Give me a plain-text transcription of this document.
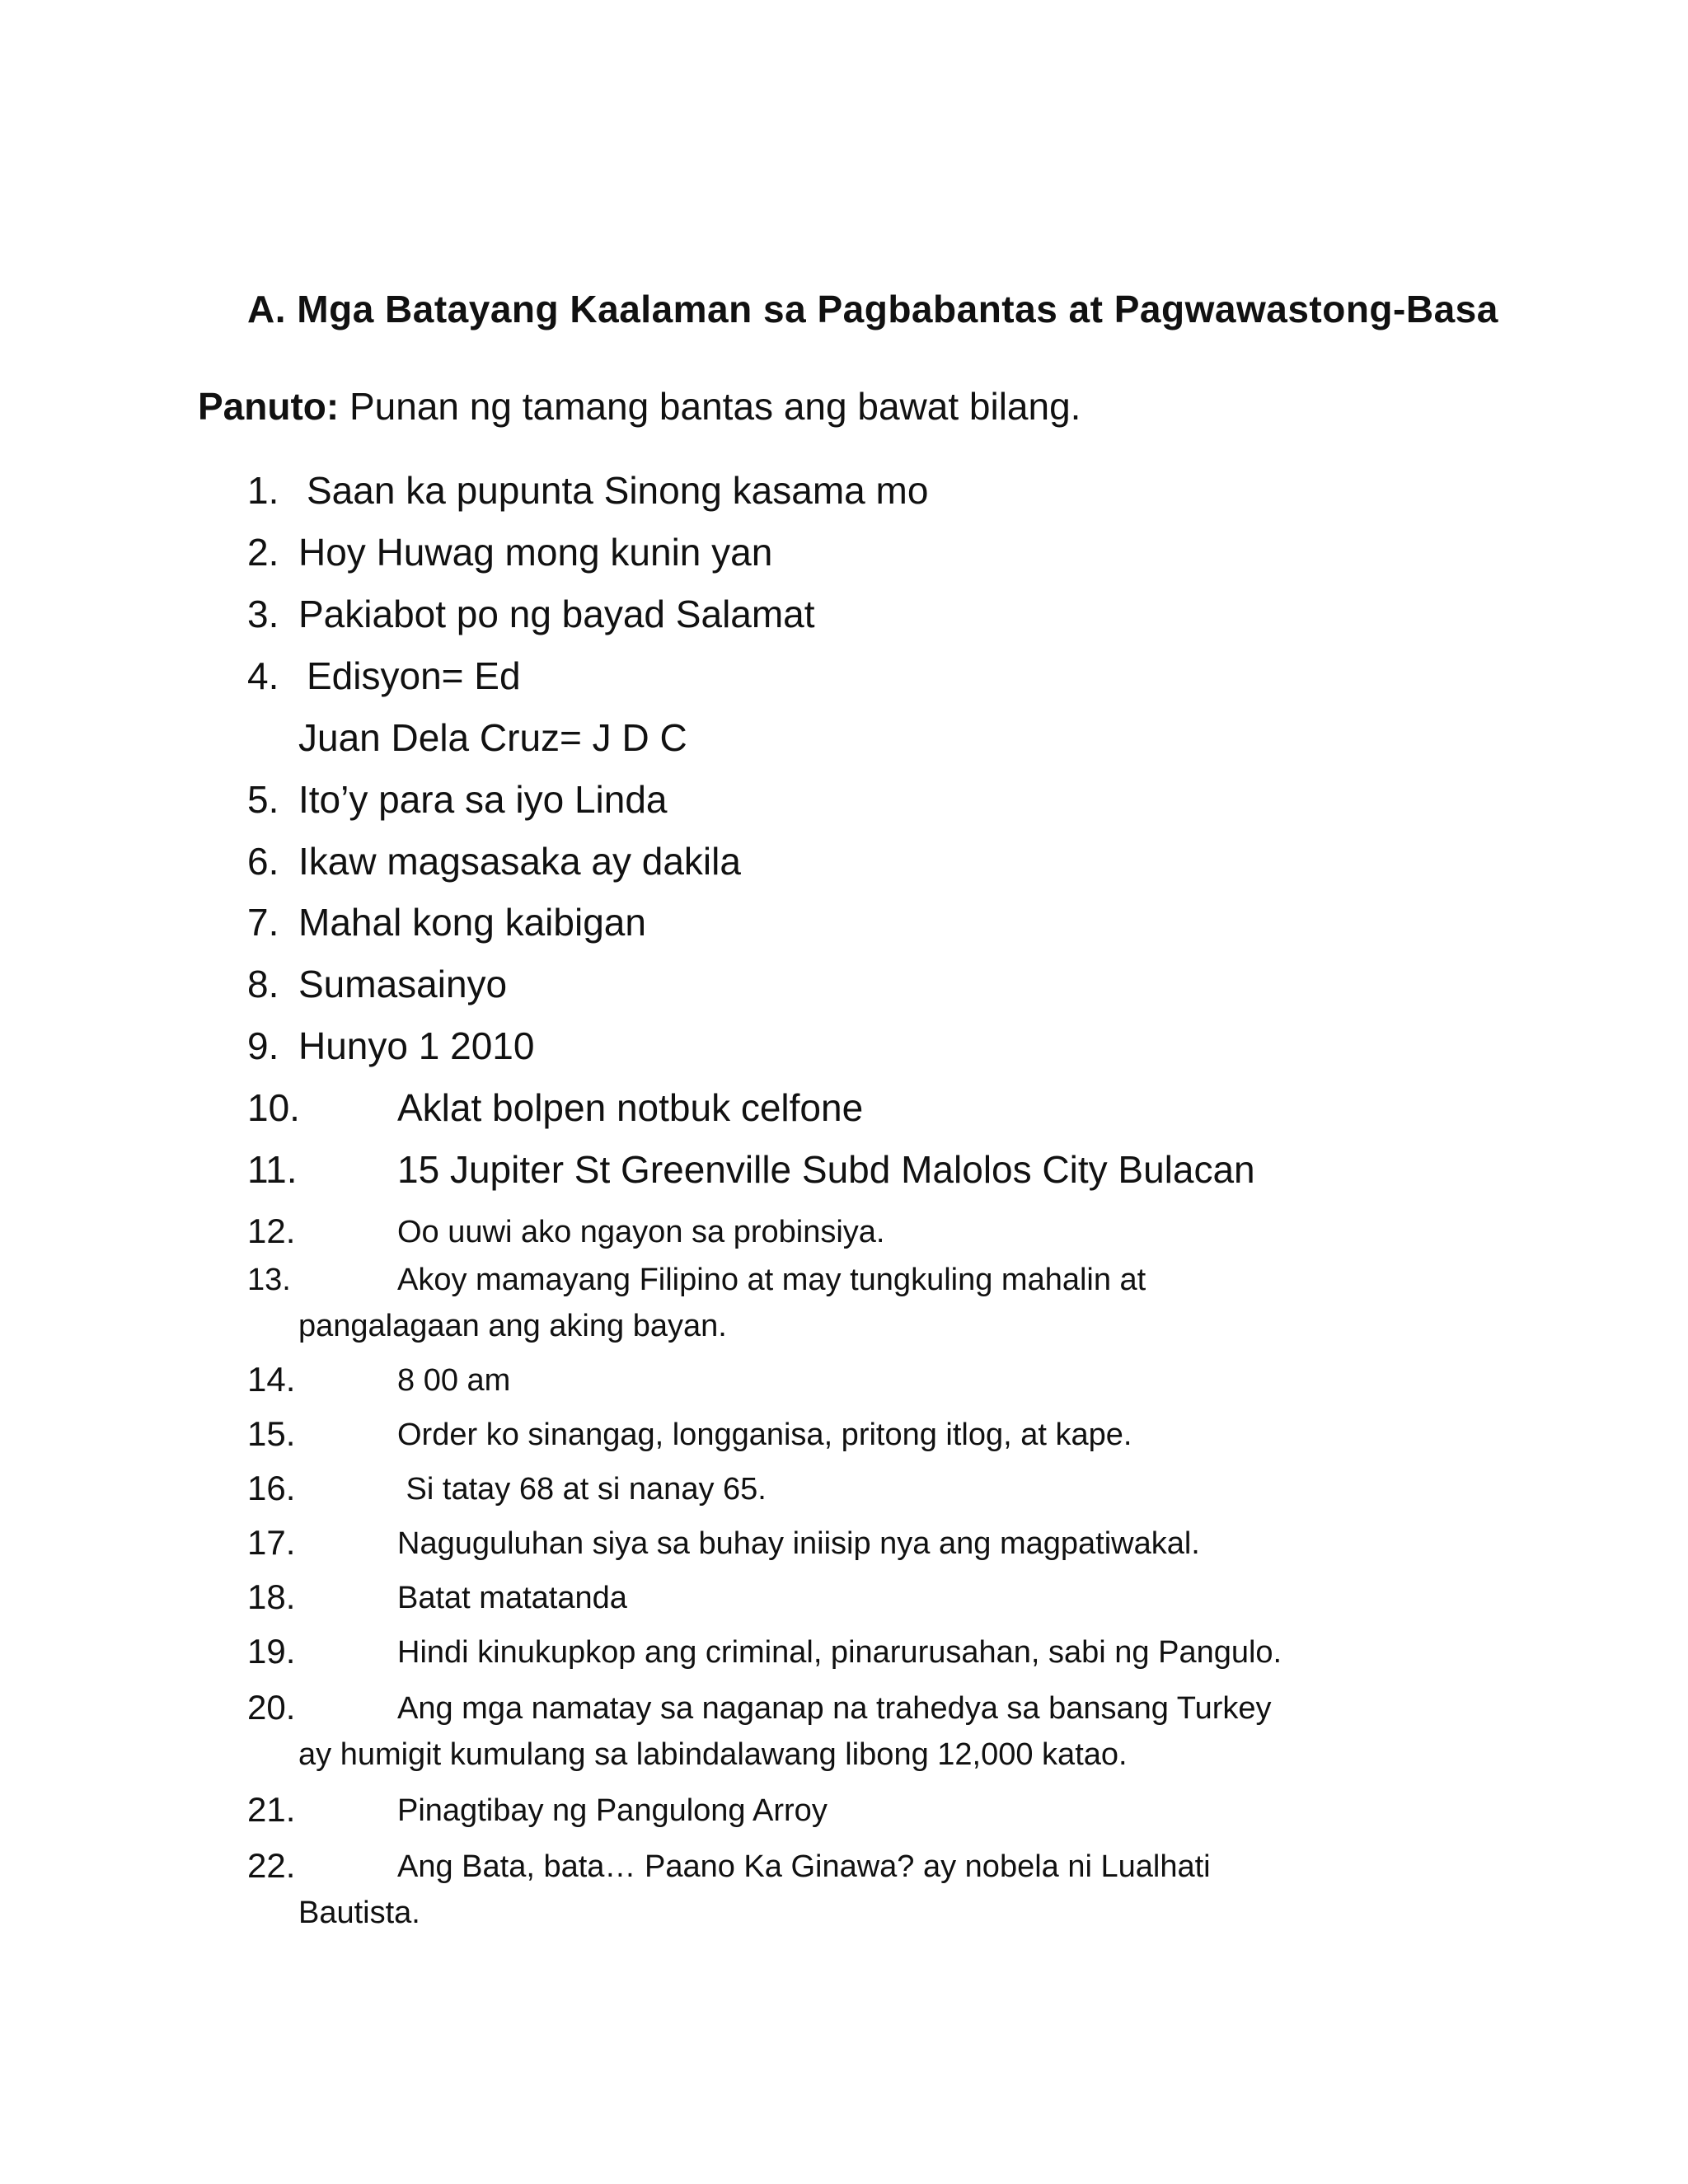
A. Mga Batayang Kaalaman sa Pagbabantas at Pagwawastong-Basa
Panuto: Punan ng tamang bantas ang bawat bilang.
1. Saan ka pupunta Sinong kasama mo
2. Hoy Huwag mong kunin yan
3. Pakiabot po ng bayad Salamat
4. Edisyon= Ed
Juan Dela Cruz= J D C
5. Ito’y para sa iyo Linda
6. Ikaw magsasaka ay dakila
7. Mahal kong kaibigan
8. Sumasainyo
9. Hunyo 1 2010
10.	Aklat bolpen notbuk celfone
11.	15 Jupiter St Greenville Subd Malolos City Bulacan
12.	Oo uuwi ako ngayon sa probinsiya.
13.	Akoy mamayang Filipino at may tungkuling mahalin at
pangalagaan ang aking bayan.
14.	8 00 am
15.	Order ko sinangag, longganisa, pritong itlog, at kape.
16.	Si tatay 68 at si nanay 65.
17.	Naguguluhan siya sa buhay iniisip nya ang magpatiwakal.
18.	Batat matatanda
19.	Hindi kinukupkop ang criminal, pinarurusahan, sabi ng Pangulo.
20.	Ang mga namatay sa naganap na trahedya sa bansang Turkey
ay humigit kumulang sa labindalawang libong 12,000 katao.
21.	Pinagtibay ng Pangulong Arroy
22.	Ang Bata, bata… Paano Ka Ginawa? ay nobela ni Lualhati
Bautista.
